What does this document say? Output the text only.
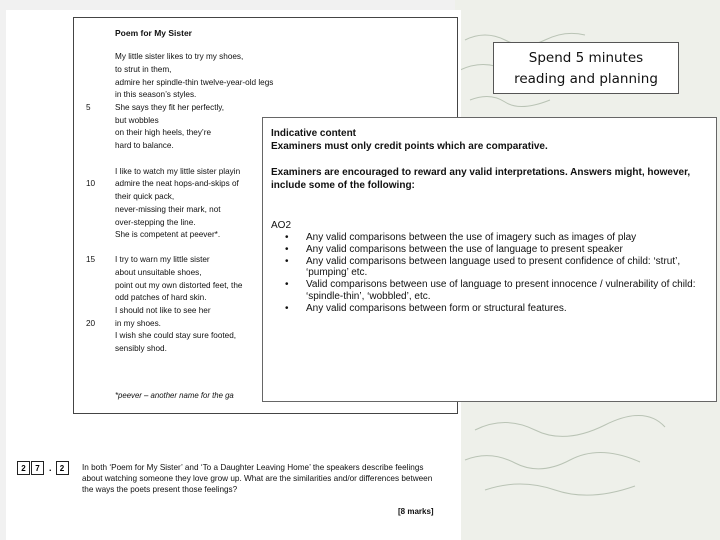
Poem for My Sister
My little sister likes to try my shoes,
to strut in them,
admire her spindle-thin twelve-year-old legs
in this season’s styles.
She says they fit her perfectly,
but wobbles
on their high heels, they’re
hard to balance.
I like to watch my little sister playin
admire the neat hops-and-skips of
their quick pack,
never-missing their mark, not
over-stepping the line.
She is competent at peever*.
I try to warn my little sister
about unsuitable shoes,
point out my own distorted feet, the
odd patches of hard skin.
I should not like to see her
in my shoes.
I wish she could stay sure footed,
sensibly shod.
5
10
15
20
*peever – another name for the ga
2	7	.	2	In both ‘Poem for My Sister’ and ‘To a Daughter Leaving Home’ the speakers describe feelings about watching someone they love grow up. What are the similarities and/or differences between the ways the poets present those feelings?
[8 marks]
Spend 5 minutes
reading and planning
Indicative content
Examiners must only credit points which are comparative.
Examiners are encouraged to reward any valid interpretations. Answers might, however, include some of the following:
AO2
• Any valid comparisons between the use of imagery such as images of play
• Any valid comparisons between the use of language to present speaker
• Any valid comparisons between language used to present confidence of child: ‘strut’, ‘pumping’ etc.
• Valid comparisons between use of language to present innocence / vulnerability of child: ‘spindle-thin’, ‘wobbled’, etc.
• Any valid comparisons between form or structural features.
